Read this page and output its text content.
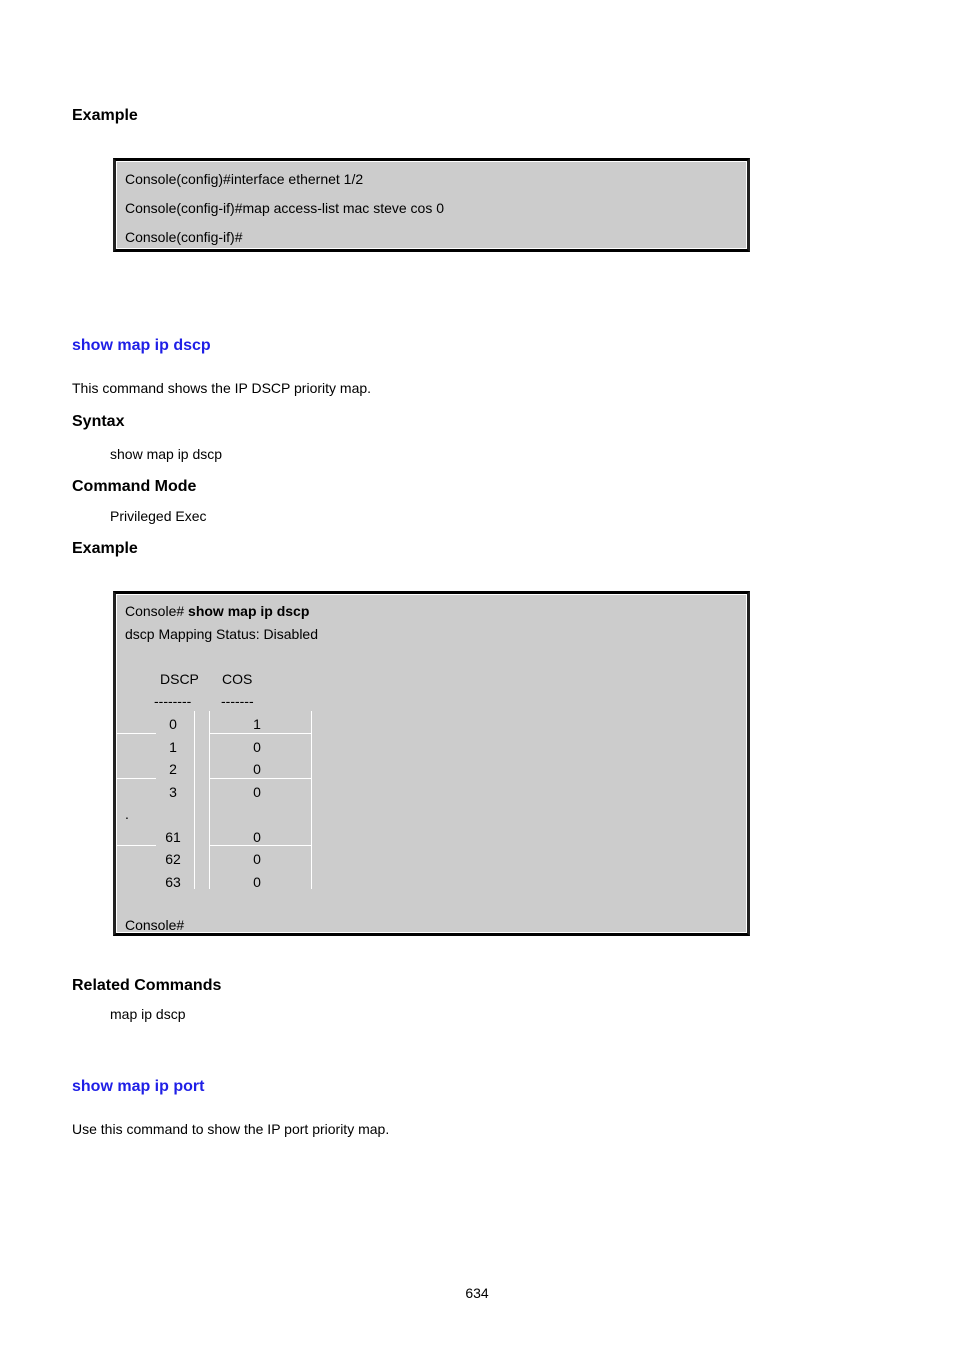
Example
Console(config)#interface ethernet 1/2
Console(config-if)#map access-list mac steve cos 0
Console(config-if)#
show map ip dscp
This command shows the IP DSCP priority map.
Syntax
show map ip dscp
Command Mode
Privileged Exec
Example
Console# show map ip dscp
dscp Mapping Status: Disabled
DSCP COS
-------- -------
0	1
1	0
2	0
3	0
.
61	0
62	0
63	0
Console#
Related Commands
map ip dscp
show map ip port
Use this command to show the IP port priority map.
634
